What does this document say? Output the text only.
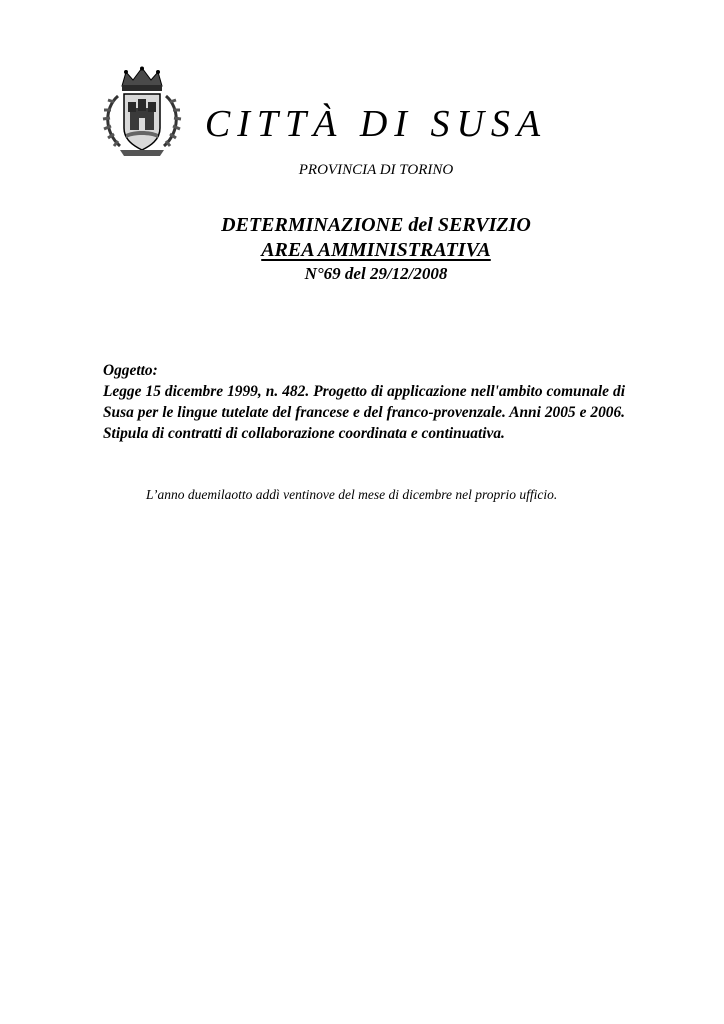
CITTÀ DI SUSA
PROVINCIA DI TORINO
DETERMINAZIONE del SERVIZIO
AREA AMMINISTRATIVA
N°69 del 29/12/2008
Oggetto:
Legge 15 dicembre 1999, n. 482. Progetto di applicazione nell'ambito comunale di Susa per le lingue tutelate del francese e del franco-provenzale. Anni 2005 e 2006. Stipula di contratti di collaborazione coordinata e continuativa.
L’anno duemilaotto addì ventinove del mese di dicembre nel proprio ufficio.
